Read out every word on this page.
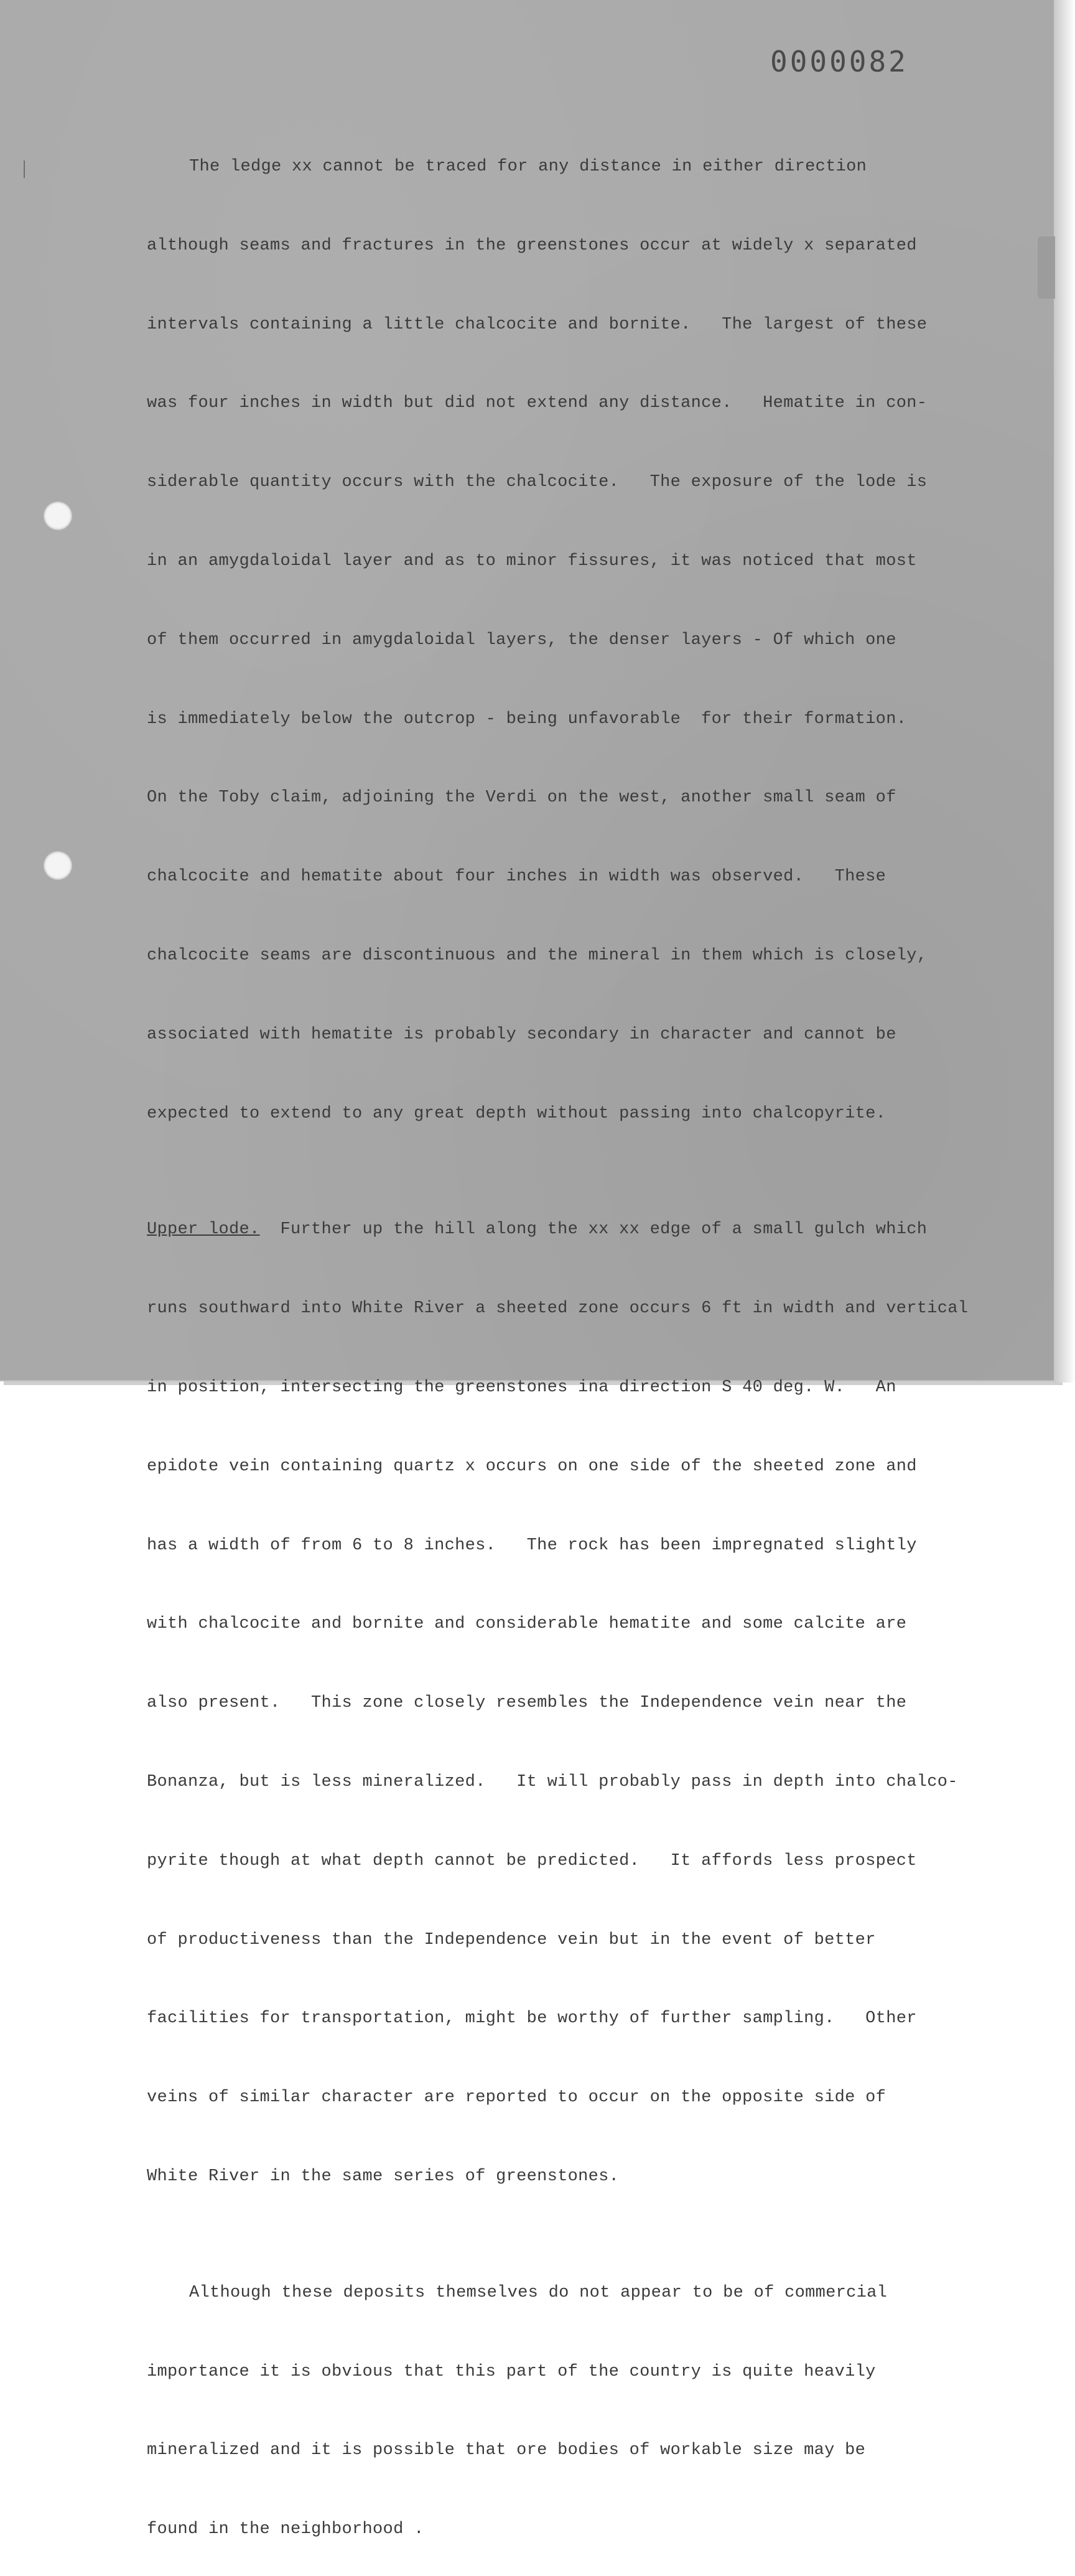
0000082

The ledge xx cannot be traced for any distance in either direction

although seams and fractures in the greenstones occur at widely x separated

intervals containing a little chalcocite and bornite.   The largest of these

was four inches in width but did not extend any distance.   Hematite in con-

siderable quantity occurs with the chalcocite.   The exposure of the lode is

in an amygdaloidal layer and as to minor fissures, it was noticed that most

of them occurred in amygdaloidal layers, the denser layers - Of which one

is immediately below the outcrop - being unfavorable  for their formation.

On the Toby claim, adjoining the Verdi on the west, another small seam of

chalcocite and hematite about four inches in width was observed.   These

chalcocite seams are discontinuous and the mineral in them which is closely,

associated with hematite is probably secondary in character and cannot be

expected to extend to any great depth without passing into chalcopyrite.

Upper lode.  Further up the hill along the xx xx edge of a small gulch which

runs southward into White River a sheeted zone occurs 6 ft in width and vertical

in position, intersecting the greenstones ina direction S 40 deg. W.   An

epidote vein containing quartz x occurs on one side of the sheeted zone and

has a width of from 6 to 8 inches.   The rock has been impregnated slightly

with chalcocite and bornite and considerable hematite and some calcite are

also present.   This zone closely resembles the Independence vein near the

Bonanza, but is less mineralized.   It will probably pass in depth into chalco-

pyrite though at what depth cannot be predicted.   It affords less prospect

of productiveness than the Independence vein but in the event of better

facilities for transportation, might be worthy of further sampling.   Other

veins of similar character are reported to occur on the opposite side of

White River in the same series of greenstones.

Although these deposits themselves do not appear to be of commercial

importance it is obvious that this part of the country is quite heavily

mineralized and it is possible that ore bodies of workable size may be

found in the neighborhood .
